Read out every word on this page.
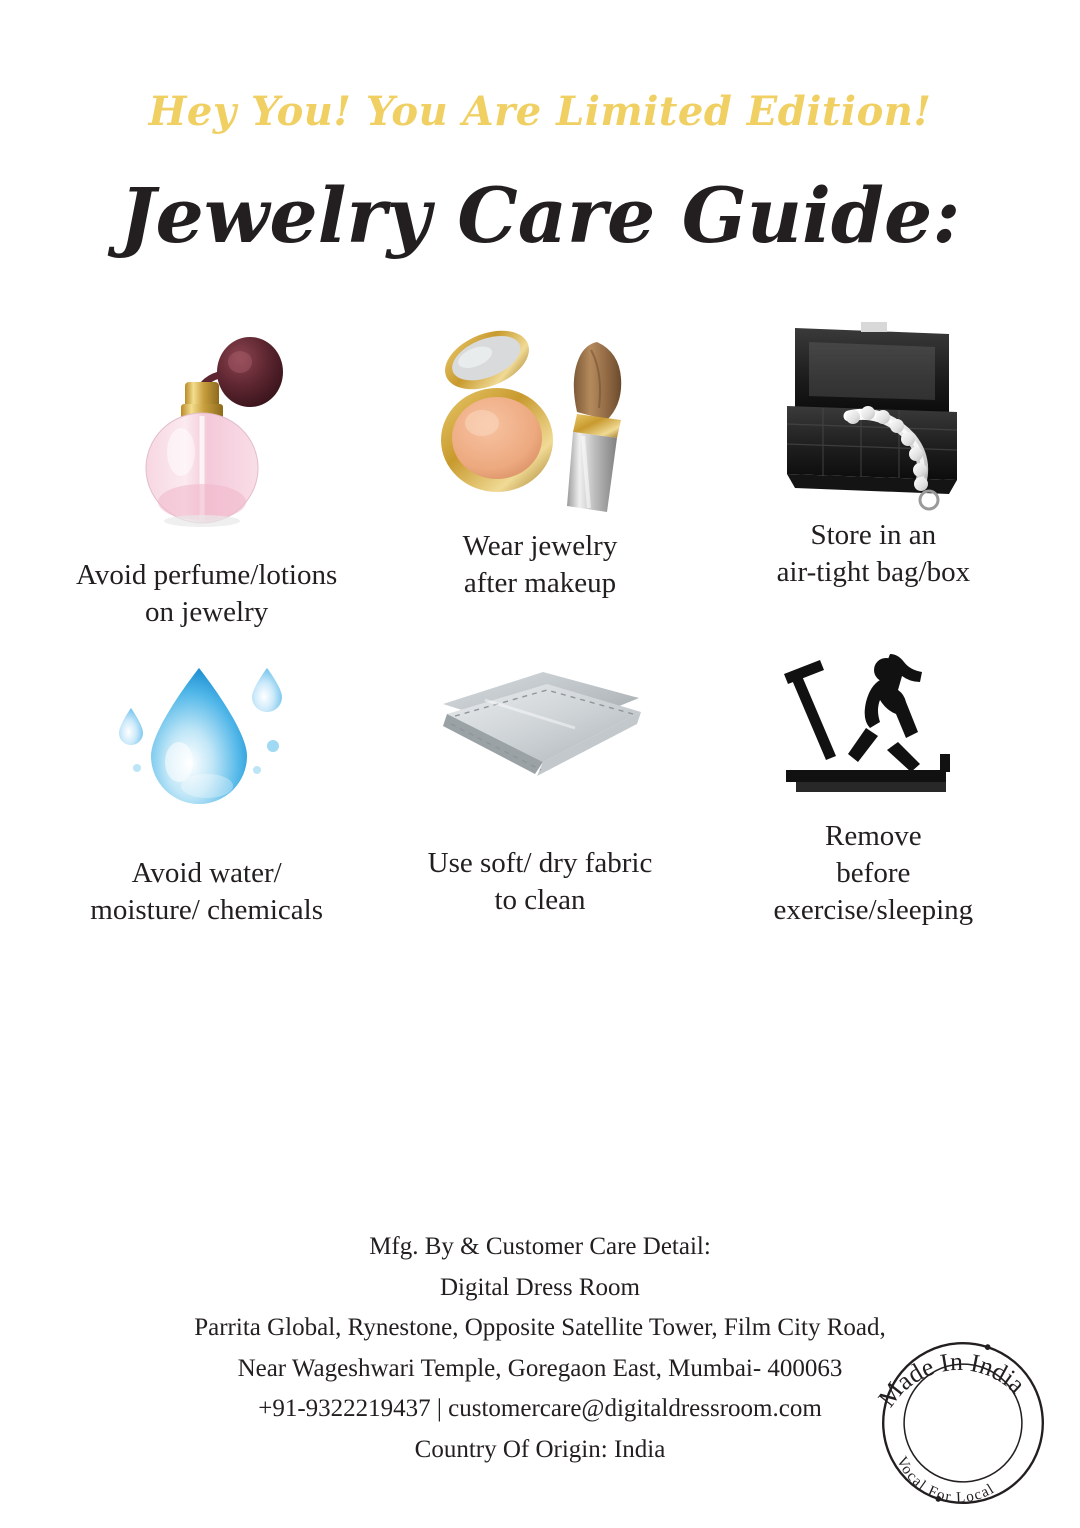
Hey You! You Are Limited Edition!
Jewelry Care Guide:
Avoid perfume/lotions
on jewelry
Wear jewelry
after makeup
Store in an
air-tight bag/box
Avoid water/
moisture/ chemicals
Use soft/ dry fabric
to clean
Remove
before
exercise/sleeping
Mfg. By & Customer Care Detail:
Digital Dress Room
Parrita Global, Rynestone, Opposite Satellite Tower, Film City Road,
Near Wageshwari Temple, Goregaon East, Mumbai- 400063
+91-9322219437 | customercare@digitaldressroom.com
Country Of Origin: India
Made In India
Vocal For Local
